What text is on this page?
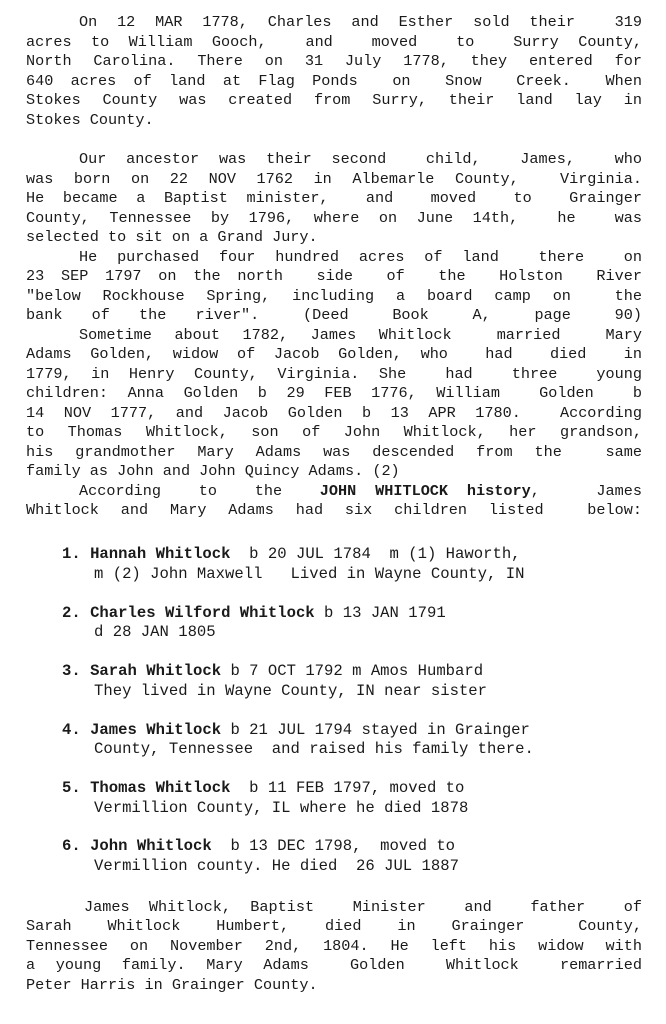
On 12 MAR 1778, Charles and Esther sold their  319
acres to William Gooch,  and  moved  to  Surry County,
North Carolina. There on 31 July 1778, they entered for
640 acres of land at Flag Ponds  on  Snow  Creek.  When
Stokes County was created from Surry, their land lay in
Stokes County.
Our ancestor was their second  child,  James,  who
was born on 22 NOV 1762 in Albemarle County,  Virginia.
He became a Baptist minister,  and  moved  to  Grainger
County, Tennessee by 1796, where on June 14th,  he  was
selected to sit on a Grand Jury.
He purchased four hundred acres of land  there  on
23 SEP 1797 on the north  side  of  the  Holston  River
"below Rockhouse Spring, including a board camp on  the
bank  of  the  river".   (Deed   Book   A,   page   90)
Sometime about 1782, James Whitlock  married  Mary
Adams Golden, widow of Jacob Golden, who  had  died  in
1779, in Henry County, Virginia. She  had  three  young
children: Anna Golden b 29 FEB 1776, William  Golden  b
14 NOV 1777, and Jacob Golden b 13 APR 1780.  According
to Thomas Whitlock, son of John Whitlock, her grandson,
his grandmother Mary Adams was descended from the  same
family as John and John Quincy Adams. (2)
According  to  the  JOHN WHITLOCK history,   James
Whitlock and Mary Adams had six children listed  below:
1. Hannah Whitlock  b 20 JUL 1784  m (1) Haworth,
m (2) John Maxwell   Lived in Wayne County, IN
2. Charles Wilford Whitlock b 13 JAN 1791
d 28 JAN 1805
3. Sarah Whitlock b 7 OCT 1792 m Amos Humbard
They lived in Wayne County, IN near sister
4. James Whitlock b 21 JUL 1794 stayed in Grainger
County, Tennessee  and raised his family there.
5. Thomas Whitlock  b 11 FEB 1797, moved to
Vermillion County, IL where he died 1878
6. John Whitlock  b 13 DEC 1798,  moved to
Vermillion county. He died  26 JUL 1887
James Whitlock, Baptist  Minister  and  father  of
Sarah  Whitlock  Humbert,  died  in  Grainger   County,
Tennessee on November 2nd, 1804. He left his widow with
a young family. Mary Adams  Golden  Whitlock  remarried
Peter Harris in Grainger County.
